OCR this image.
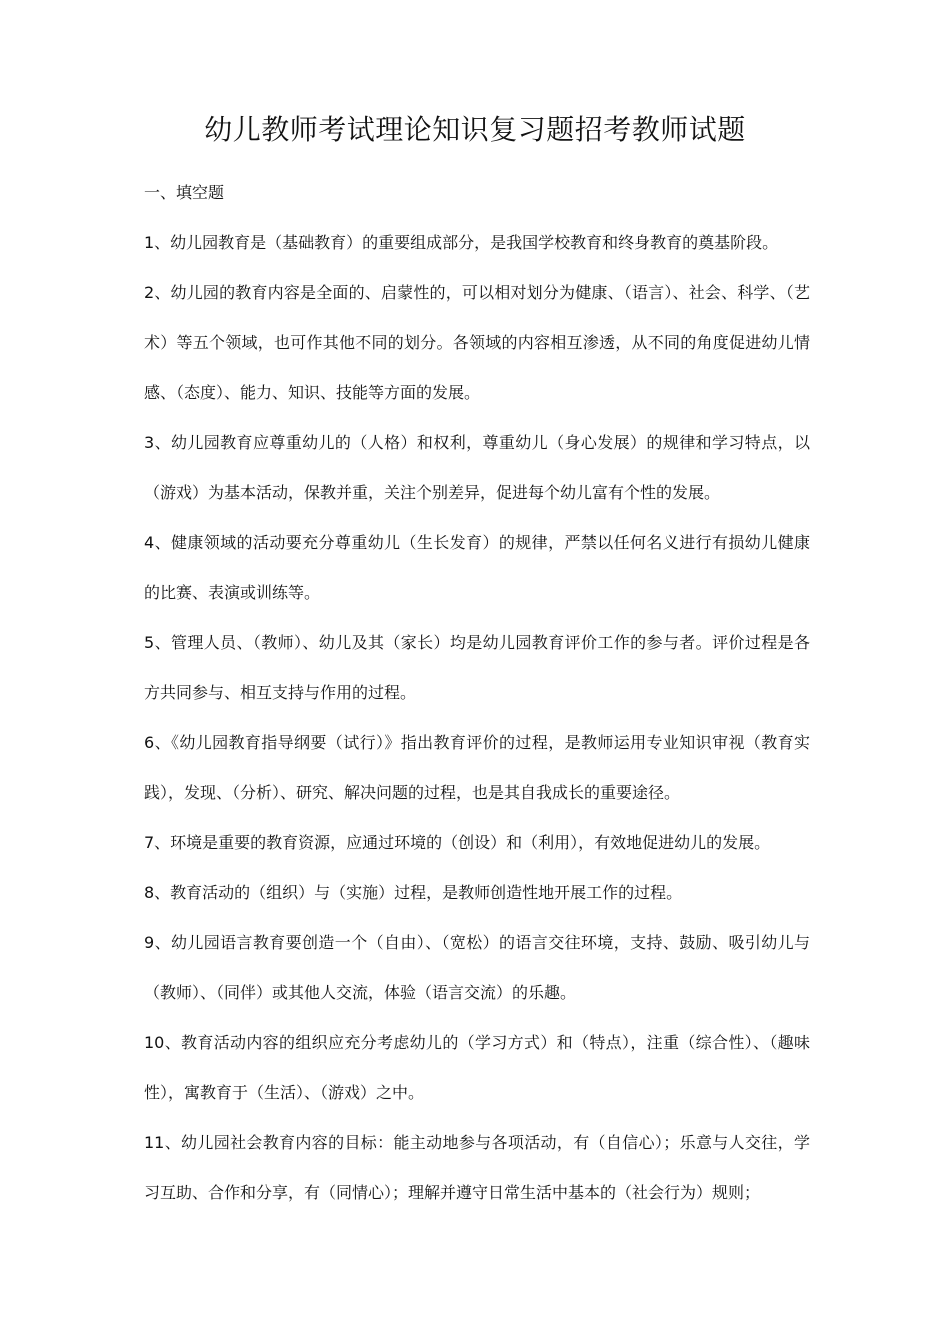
幼儿教师考试理论知识复习题招考教师试题

一、填空题

1、幼儿园教育是（基础教育）的重要组成部分，是我国学校教育和终身教育的奠基阶段。

2、幼儿园的教育内容是全面的、启蒙性的，可以相对划分为健康、（语言）、社会、科学、（艺术）等五个领域，也可作其他不同的划分。各领域的内容相互渗透，从不同的角度促进幼儿情感、（态度）、能力、知识、技能等方面的发展。

3、幼儿园教育应尊重幼儿的（人格）和权利，尊重幼儿（身心发展）的规律和学习特点，以（游戏）为基本活动，保教并重，关注个别差异，促进每个幼儿富有个性的发展。

4、健康领域的活动要充分尊重幼儿（生长发育）的规律，严禁以任何名义进行有损幼儿健康的比赛、表演或训练等。

5、管理人员、（教师）、幼儿及其（家长）均是幼儿园教育评价工作的参与者。评价过程是各方共同参与、相互支持与作用的过程。

6、《幼儿园教育指导纲要（试行）》指出教育评价的过程，是教师运用专业知识审视（教育实践），发现、（分析）、研究、解决问题的过程，也是其自我成长的重要途径。

7、环境是重要的教育资源，应通过环境的（创设）和（利用），有效地促进幼儿的发展。

8、教育活动的（组织）与（实施）过程，是教师创造性地开展工作的过程。

9、幼儿园语言教育要创造一个（自由）、（宽松）的语言交往环境，支持、鼓励、吸引幼儿与（教师）、（同伴）或其他人交流，体验（语言交流）的乐趣。

10、教育活动内容的组织应充分考虑幼儿的（学习方式）和（特点），注重（综合性）、（趣味性），寓教育于（生活）、（游戏）之中。

11、幼儿园社会教育内容的目标：能主动地参与各项活动，有（自信心）；乐意与人交往，学习互助、合作和分享，有（同情心）；理解并遵守日常生活中基本的（社会行为）规则；
